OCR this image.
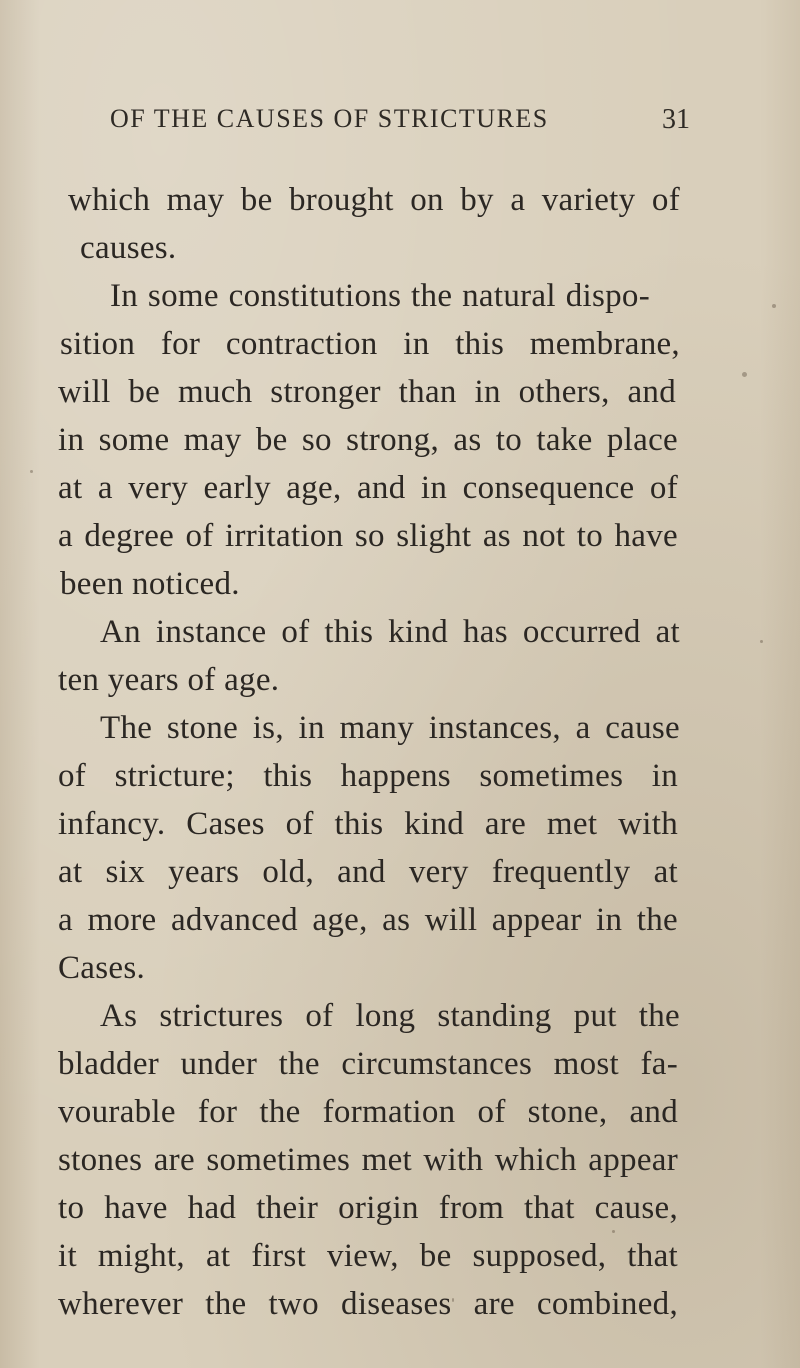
OF THE CAUSES OF STRICTURES	31
which may be brought on by a variety of
causes.
In some constitutions the natural dispo-
sition for contraction in this membrane,
will be much stronger than in others, and
in some may be so strong, as to take place
at a very early age, and in consequence of
a degree of irritation so slight as not to have
been noticed.
An instance of this kind has occurred at
ten years of age.
The stone is, in many instances, a cause
of stricture; this happens sometimes in
infancy. Cases of this kind are met with
at six years old, and very frequently at
a more advanced age, as will appear in the
Cases.
As strictures of long standing put the
bladder under the circumstances most fa-
vourable for the formation of stone, and
stones are sometimes met with which appear
to have had their origin from that cause,
it might, at first view, be supposed, that
wherever the two diseases are combined,
